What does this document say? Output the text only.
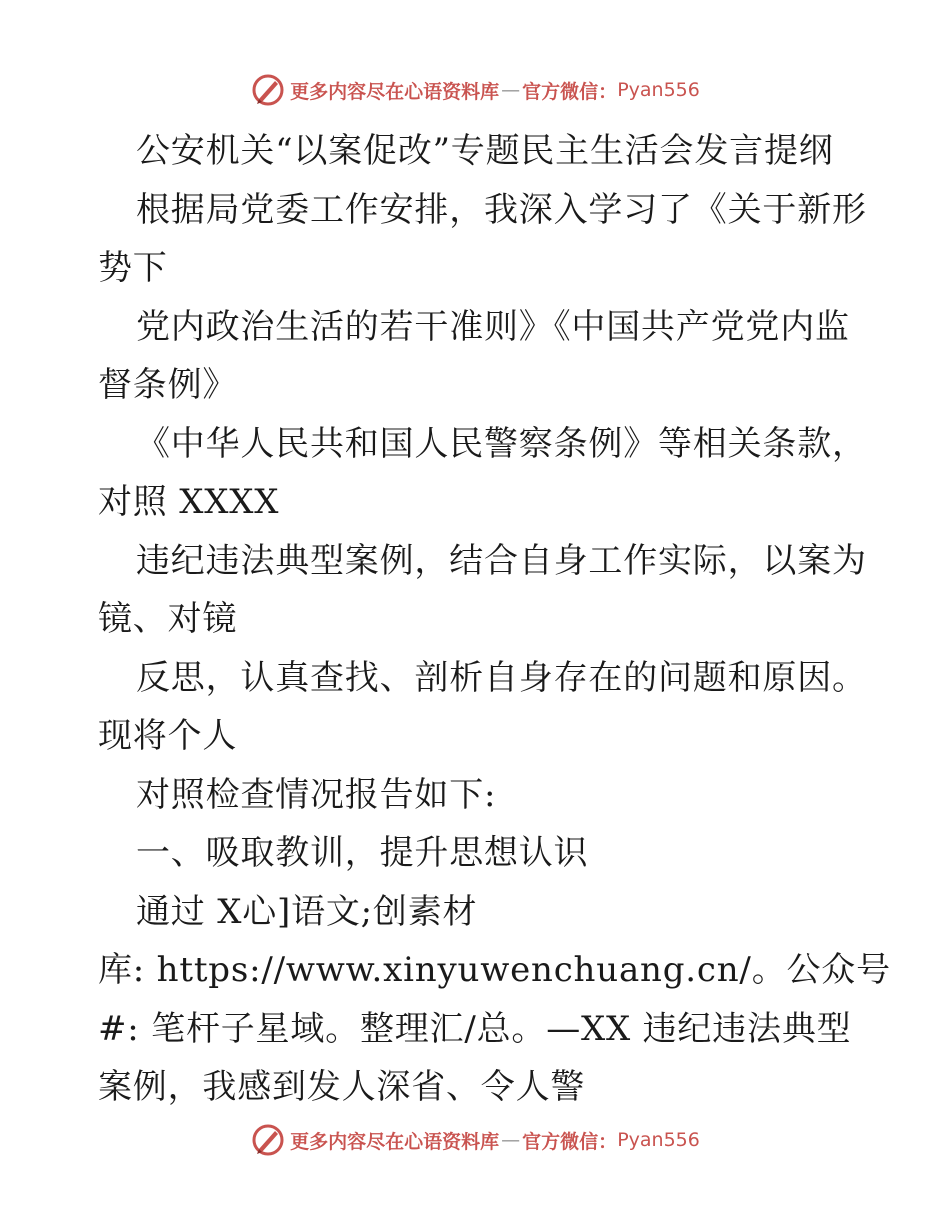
更多内容尽在心语资料库 — 官方微信： Pyan556
公安机关“以案促改”专题民主生活会发言提纲
根据局党委工作安排，我深入学习了《关于新形
势下
党内政治生活的若干准则》《中国共产党党内监
督条例》
《中华人民共和国人民警察条例》等相关条款，
对照 XXXX
违纪违法典型案例，结合自身工作实际，以案为
镜、对镜
反思，认真查找、剖析自身存在的问题和原因。
现将个人
对照检查情况报告如下:
一、吸取教训，提升思想认识
通过 X心]语文;创素材
库: https://www.xinyuwenchuang.cn/。公众号
#: 笔杆子星域。整理汇/总。—XX 违纪违法典型
案例，我感到发人深省、令人警
更多内容尽在心语资料库 — 官方微信： Pyan556
